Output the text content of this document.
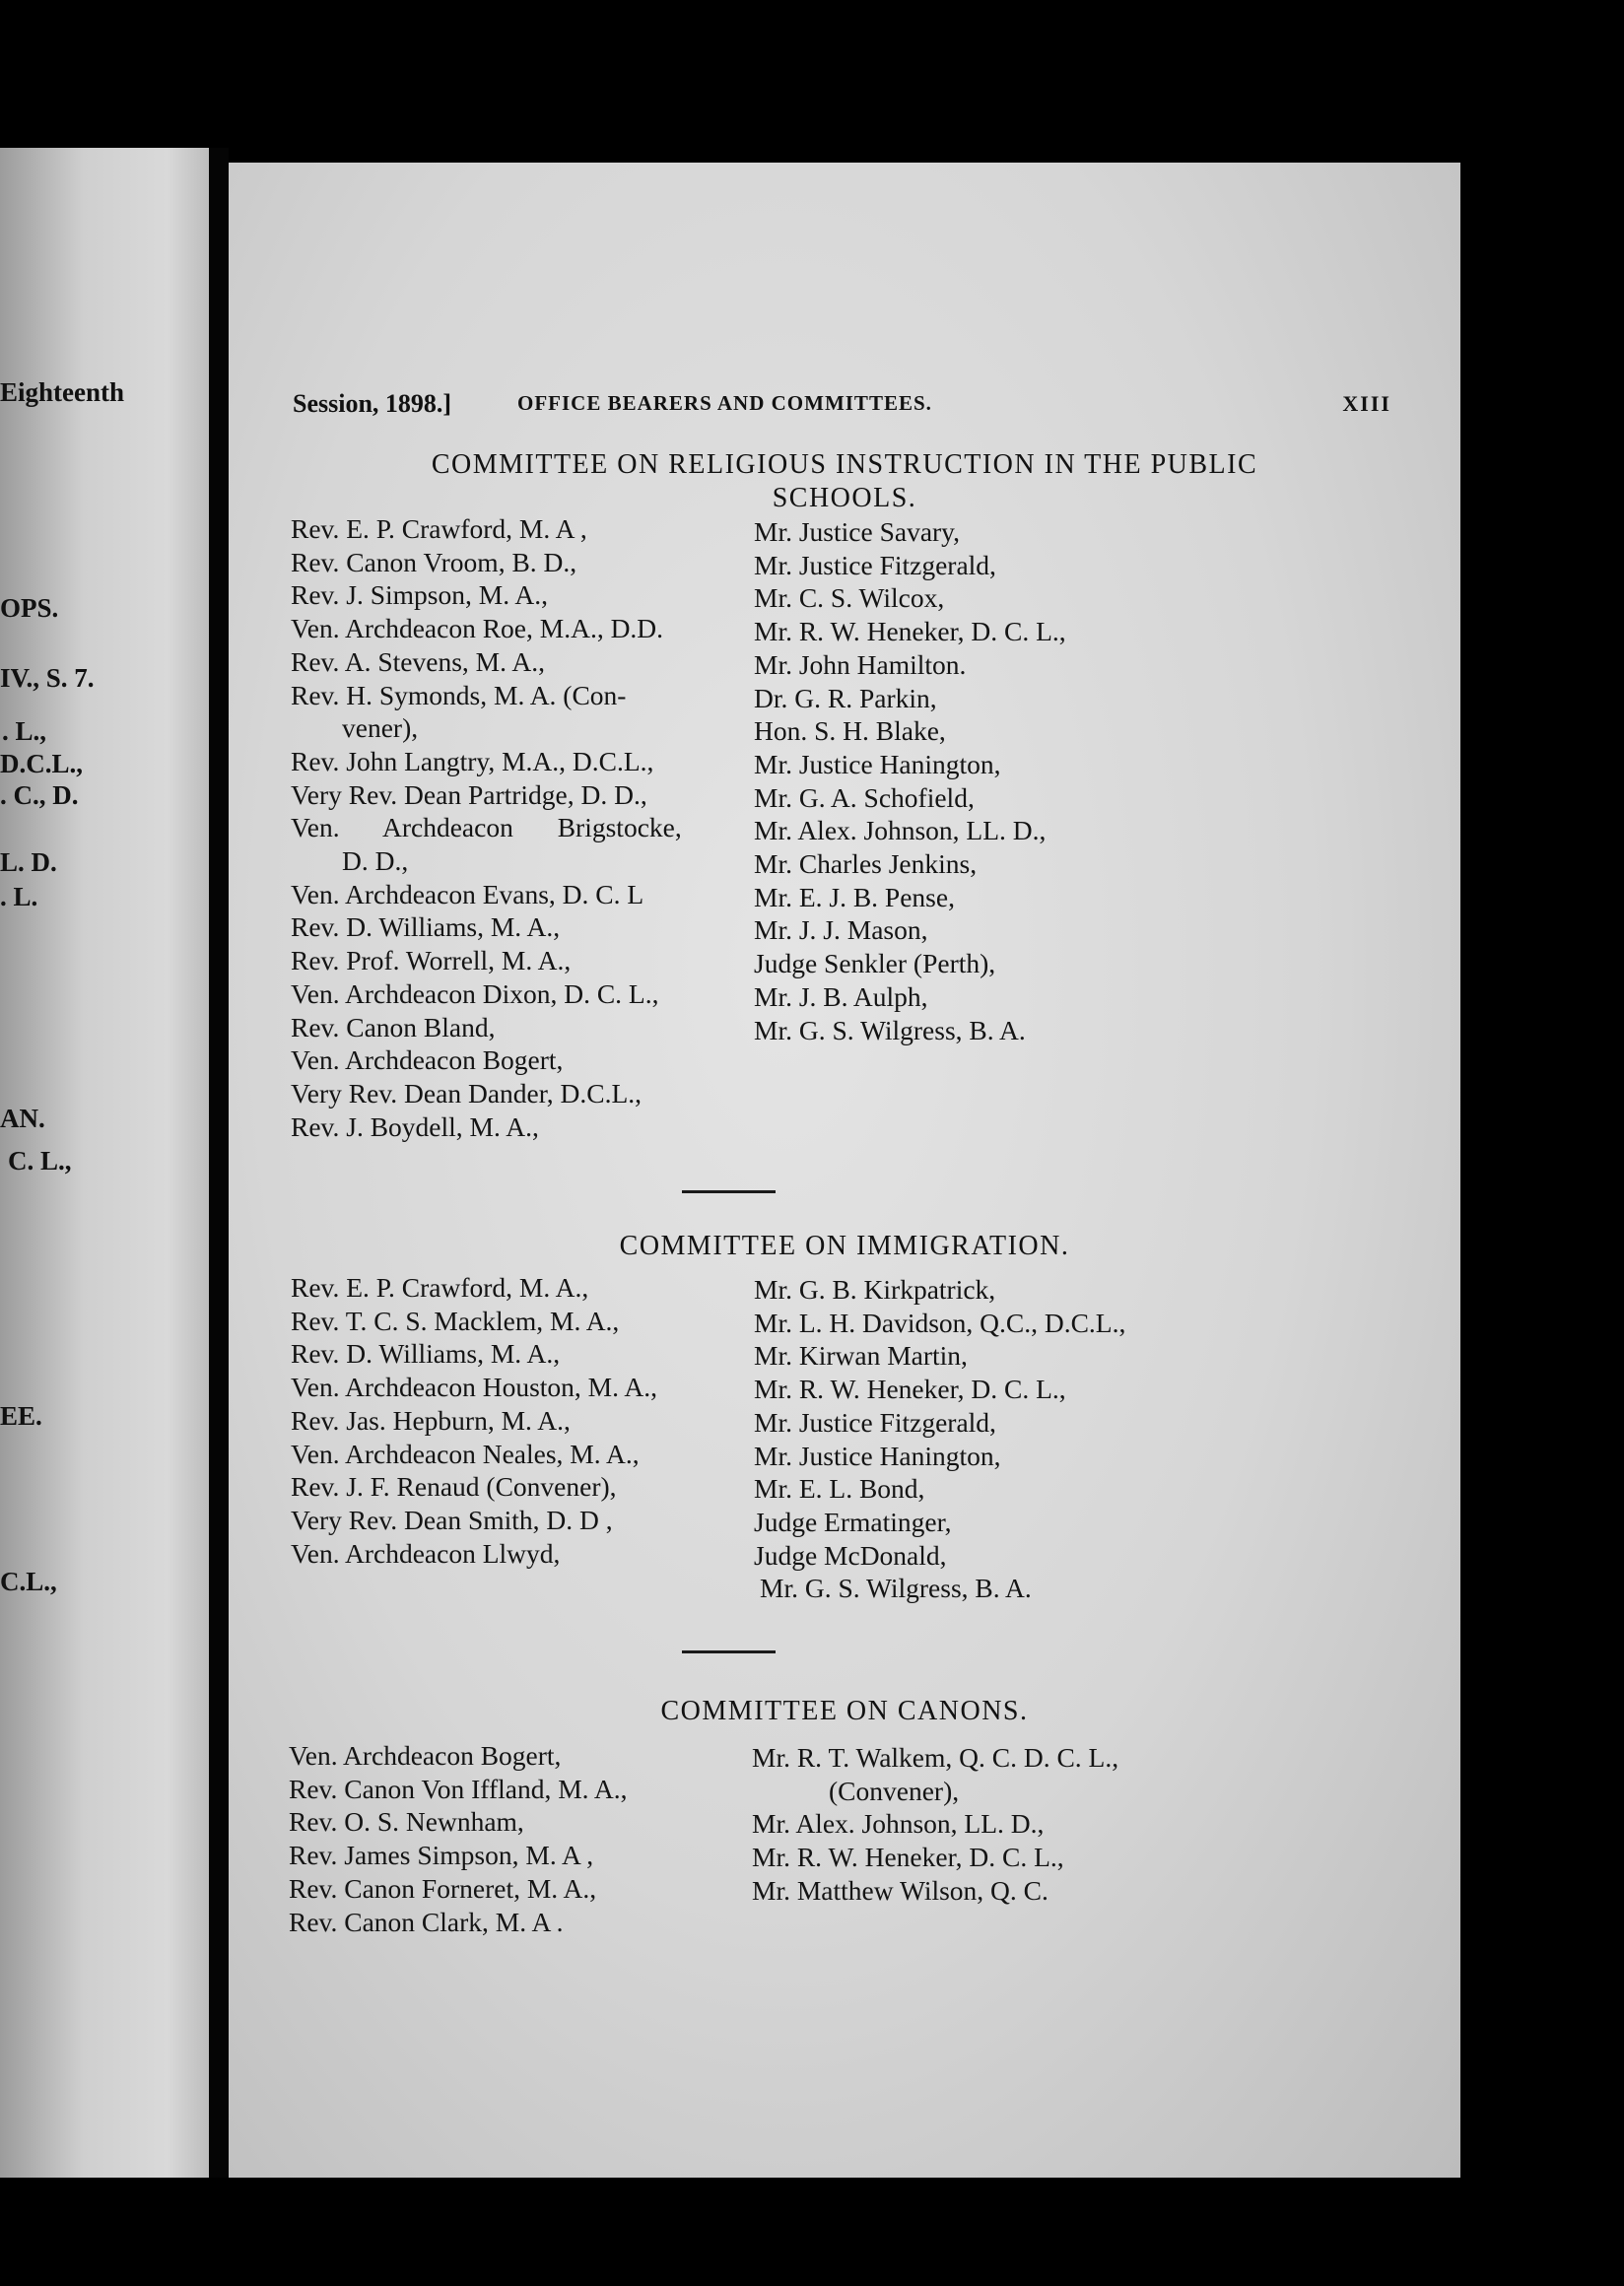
Eighteenth
OPS.
IV., S. 7.
. L.,
D.C.L.,
. C., D.
L. D.
. L.
AN.
C. L.,
EE.
C.L.,
Session, 1898.]	OFFICE BEARERS AND COMMITTEES.	XIII
COMMITTEE ON RELIGIOUS INSTRUCTION IN THE PUBLIC
SCHOOLS.
Rev. E. P. Crawford, M. A ,
Rev. Canon Vroom, B. D.,
Rev. J. Simpson, M. A.,
Ven. Archdeacon Roe, M.A., D.D.
Rev. A. Stevens, M. A.,
Rev. H. Symonds, M. A. (Con-
vener),
Rev. John Langtry, M.A., D.C.L.,
Very Rev. Dean Partridge, D. D.,
Ven. Archdeacon Brigstocke,
D. D.,
Ven. Archdeacon Evans, D. C. L
Rev. D. Williams, M. A.,
Rev. Prof. Worrell, M. A.,
Ven. Archdeacon Dixon, D. C. L.,
Rev. Canon Bland,
Ven. Archdeacon Bogert,
Very Rev. Dean Dander, D.C.L.,
Rev. J. Boydell, M. A.,
Mr. Justice Savary,
Mr. Justice Fitzgerald,
Mr. C. S. Wilcox,
Mr. R. W. Heneker, D. C. L.,
Mr. John Hamilton.
Dr. G. R. Parkin,
Hon. S. H. Blake,
Mr. Justice Hanington,
Mr. G. A. Schofield,
Mr. Alex. Johnson, LL. D.,
Mr. Charles Jenkins,
Mr. E. J. B. Pense,
Mr. J. J. Mason,
Judge Senkler (Perth),
Mr. J. B. Aulph,
Mr. G. S. Wilgress, B. A.
COMMITTEE ON IMMIGRATION.
Rev. E. P. Crawford, M. A.,
Rev. T. C. S. Macklem, M. A.,
Rev. D. Williams, M. A.,
Ven. Archdeacon Houston, M. A.,
Rev. Jas. Hepburn, M. A.,
Ven. Archdeacon Neales, M. A.,
Rev. J. F. Renaud (Convener),
Very Rev. Dean Smith, D. D ,
Ven. Archdeacon Llwyd,
Mr. G. B. Kirkpatrick,
Mr. L. H. Davidson, Q.C., D.C.L.,
Mr. Kirwan Martin,
Mr. R. W. Heneker, D. C. L.,
Mr. Justice Fitzgerald,
Mr. Justice Hanington,
Mr. E. L. Bond,
Judge Ermatinger,
Judge McDonald,
Mr. G. S. Wilgress, B. A.
COMMITTEE ON CANONS.
Ven. Archdeacon Bogert,
Rev. Canon Von Iffland, M. A.,
Rev. O. S. Newnham,
Rev. James Simpson, M. A ,
Rev. Canon Forneret, M. A.,
Rev. Canon Clark, M. A .
Mr. R. T. Walkem, Q. C. D. C. L.,
(Convener),
Mr. Alex. Johnson, LL. D.,
Mr. R. W. Heneker, D. C. L.,
Mr. Matthew Wilson, Q. C.
